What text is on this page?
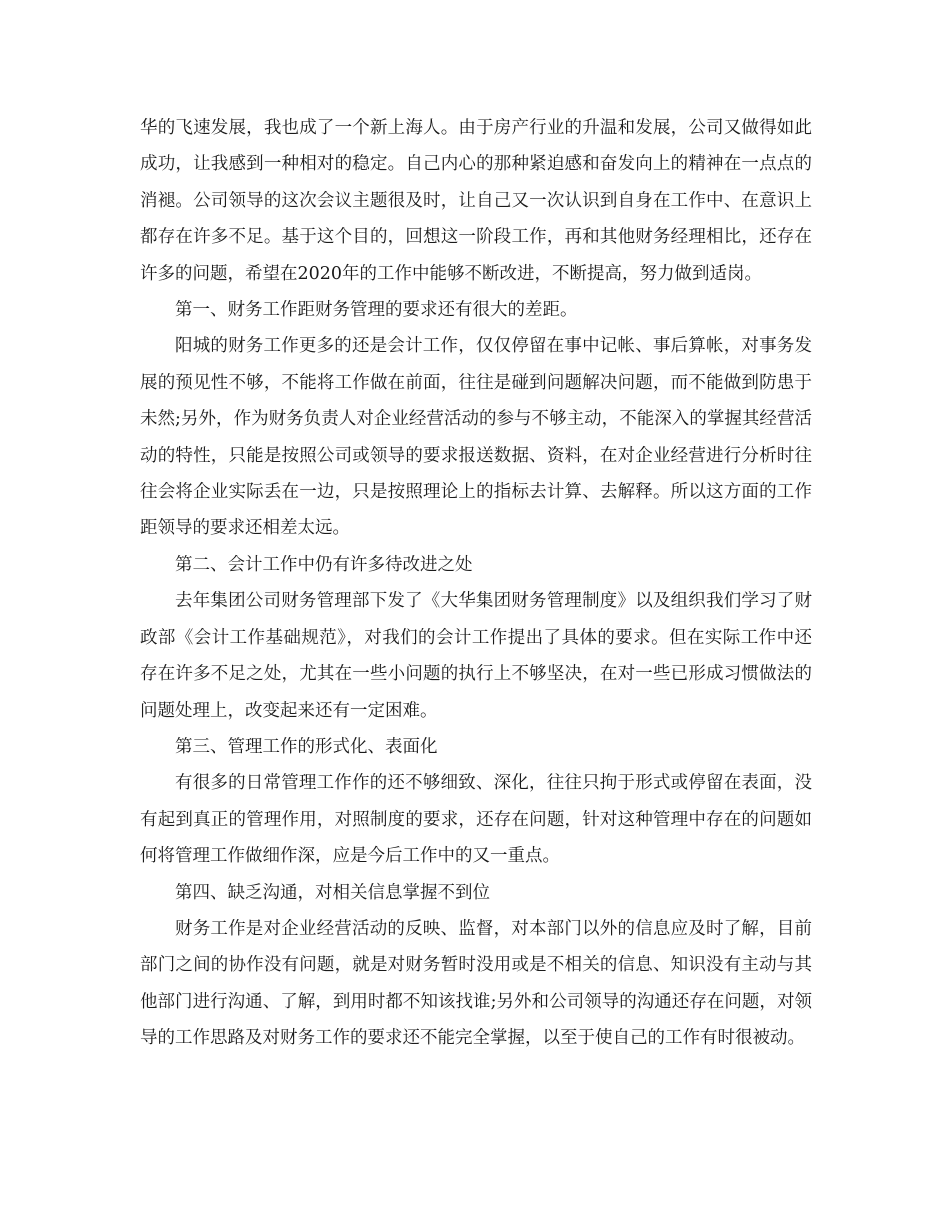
华的飞速发展，我也成了一个新上海人。由于房产行业的升温和发展，公司又做得如此成功，让我感到一种相对的稳定。自己内心的那种紧迫感和奋发向上的精神在一点点的消褪。公司领导的这次会议主题很及时，让自己又一次认识到自身在工作中、在意识上都存在许多不足。基于这个目的，回想这一阶段工作，再和其他财务经理相比，还存在许多的问题，希望在2020年的工作中能够不断改进，不断提高，努力做到适岗。

第一、财务工作距财务管理的要求还有很大的差距。

阳城的财务工作更多的还是会计工作，仅仅停留在事中记帐、事后算帐，对事务发展的预见性不够，不能将工作做在前面，往往是碰到问题解决问题，而不能做到防患于未然;另外，作为财务负责人对企业经营活动的参与不够主动，不能深入的掌握其经营活动的特性，只能是按照公司或领导的要求报送数据、资料，在对企业经营进行分析时往往会将企业实际丢在一边，只是按照理论上的指标去计算、去解释。所以这方面的工作距领导的要求还相差太远。

第二、会计工作中仍有许多待改进之处

去年集团公司财务管理部下发了《大华集团财务管理制度》以及组织我们学习了财政部《会计工作基础规范》，对我们的会计工作提出了具体的要求。但在实际工作中还存在许多不足之处，尤其在一些小问题的执行上不够坚决，在对一些已形成习惯做法的问题处理上，改变起来还有一定困难。

第三、管理工作的形式化、表面化

有很多的日常管理工作作的还不够细致、深化，往往只拘于形式或停留在表面，没有起到真正的管理作用，对照制度的要求，还存在问题，针对这种管理中存在的问题如何将管理工作做细作深，应是今后工作中的又一重点。

第四、缺乏沟通，对相关信息掌握不到位

财务工作是对企业经营活动的反映、监督，对本部门以外的信息应及时了解，目前部门之间的协作没有问题，就是对财务暂时没用或是不相关的信息、知识没有主动与其他部门进行沟通、了解，到用时都不知该找谁;另外和公司领导的沟通还存在问题，对领导的工作思路及对财务工作的要求还不能完全掌握，以至于使自己的工作有时很被动。
